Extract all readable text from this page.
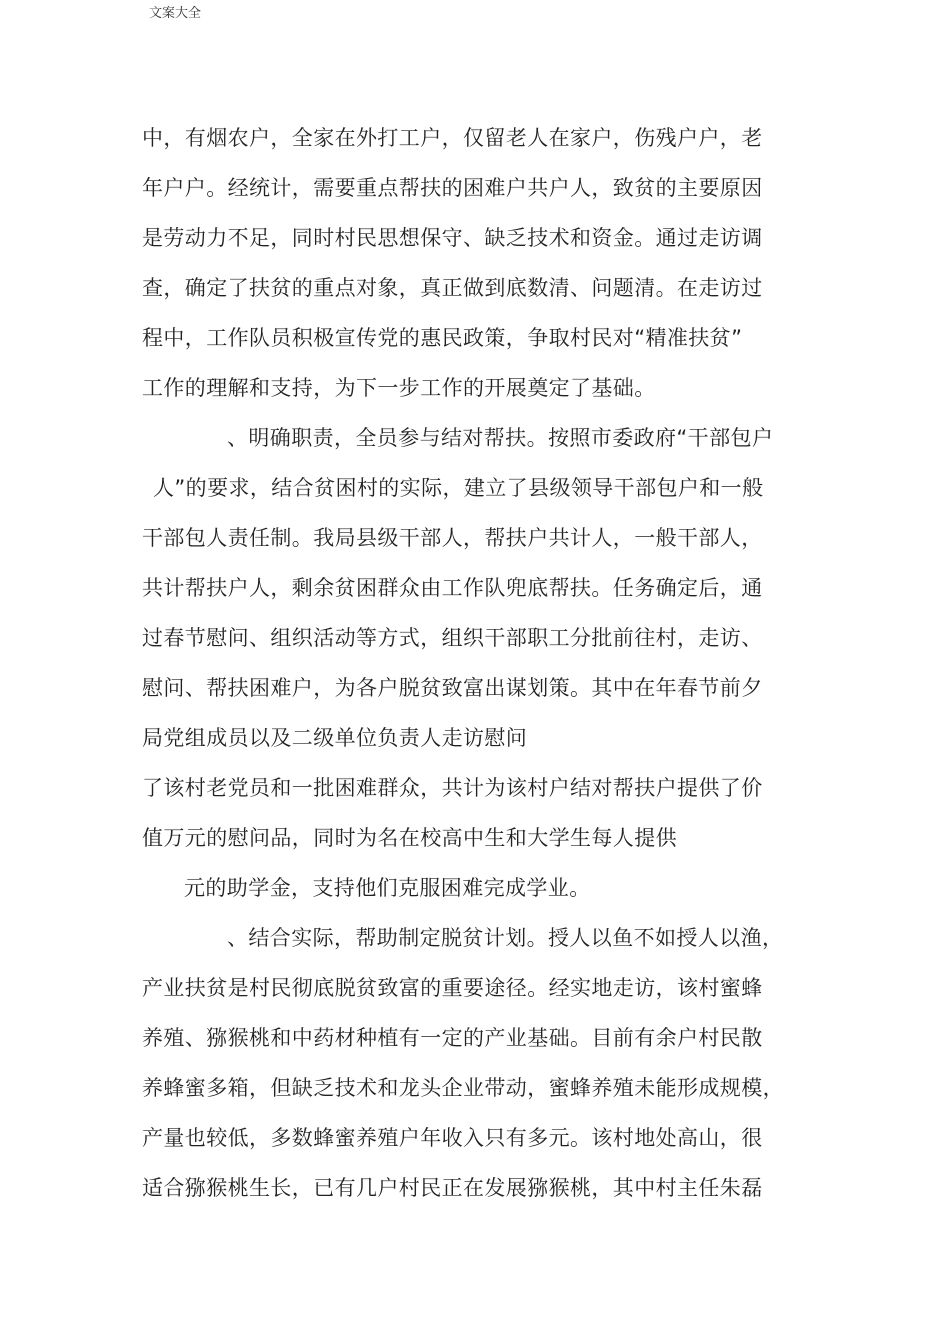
文案大全
中，有烟农户，全家在外打工户，仅留老人在家户，伤残户户，老
年户户。经统计，需要重点帮扶的困难户共户人，致贫的主要原因
是劳动力不足，同时村民思想保守、缺乏技术和资金。通过走访调
查，确定了扶贫的重点对象，真正做到底数清、问题清。在走访过
程中，工作队员积极宣传党的惠民政策，争取村民对“精准扶贫”
工作的理解和支持，为下一步工作的开展奠定了基础。
、明确职责，全员参与结对帮扶。按照市委政府“干部包户
人”的要求，结合贫困村的实际，建立了县级领导干部包户和一般
干部包人责任制。我局县级干部人，帮扶户共计人，一般干部人，
共计帮扶户人，剩余贫困群众由工作队兜底帮扶。任务确定后，通
过春节慰问、组织活动等方式，组织干部职工分批前往村，走访、
慰问、帮扶困难户，为各户脱贫致富出谋划策。其中在年春节前夕
局党组成员以及二级单位负责人走访慰问
了该村老党员和一批困难群众，共计为该村户结对帮扶户提供了价
值万元的慰问品，同时为名在校高中生和大学生每人提供
元的助学金，支持他们克服困难完成学业。
、结合实际，帮助制定脱贫计划。授人以鱼不如授人以渔，
产业扶贫是村民彻底脱贫致富的重要途径。经实地走访，该村蜜蜂
养殖、猕猴桃和中药材种植有一定的产业基础。目前有余户村民散
养蜂蜜多箱，但缺乏技术和龙头企业带动，蜜蜂养殖未能形成规模，
产量也较低，多数蜂蜜养殖户年收入只有多元。该村地处高山，很
适合猕猴桃生长，已有几户村民正在发展猕猴桃，其中村主任朱磊
